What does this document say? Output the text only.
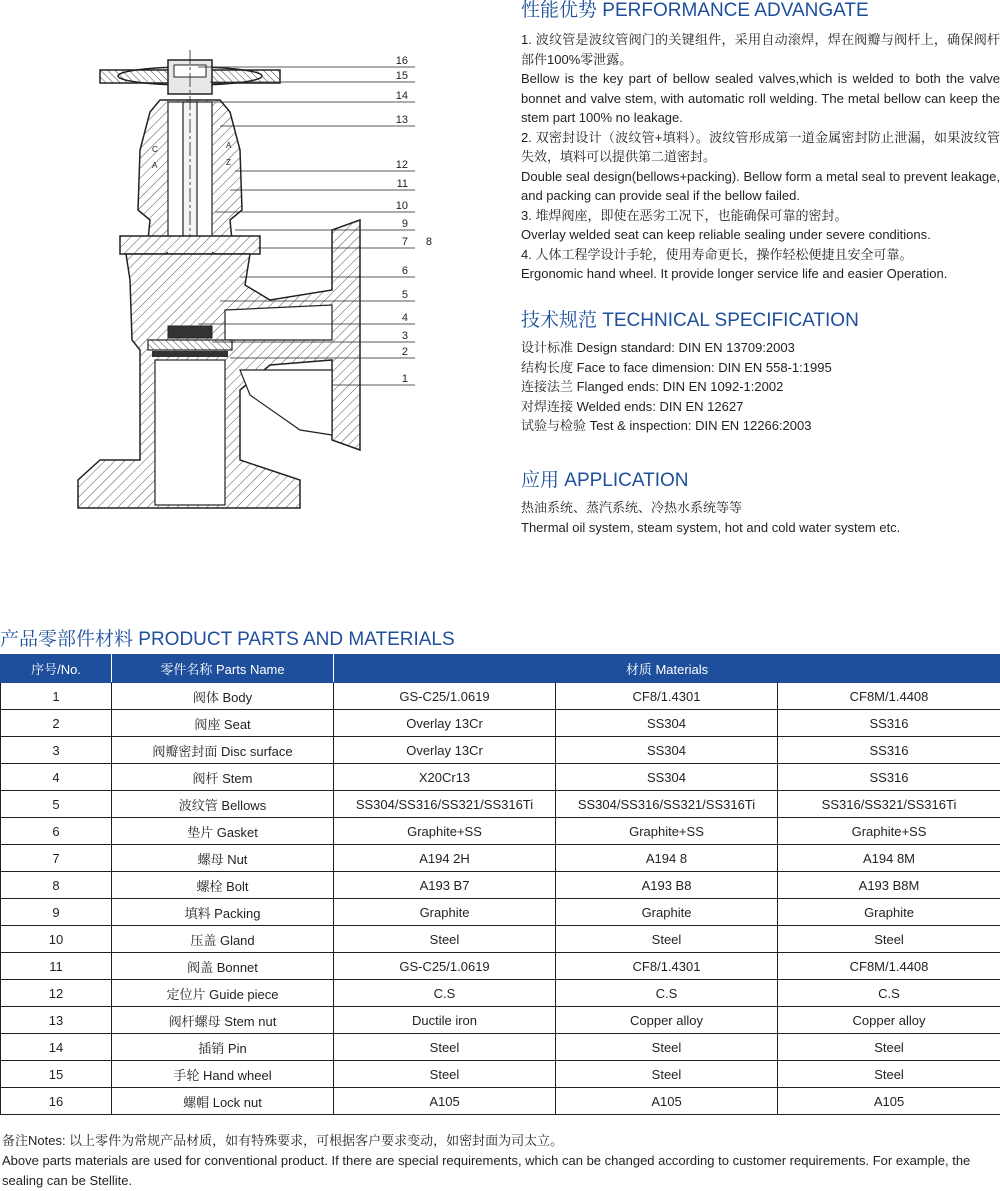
C	A
Z
A
16
15
14
13
12
11
10
9
7 8
6
5
4
3
2
1

性能优势 PERFORMANCE ADVANGATE

1. 波纹管是波纹管阀门的关键组件，采用自动滚焊，焊在阀瓣与阀杆上，确保阀杆部件100%零泄露。

Bellow is the key part of bellow sealed valves,which is welded to both the valve bonnet and valve stem, with automatic roll welding. The metal bellow can keep the stem part 100% no leakage.

2. 双密封设计（波纹管+填料）。波纹管形成第一道金属密封防止泄漏，如果波纹管失效，填料可以提供第二道密封。

Double seal design(bellows+packing). Bellow form a metal seal to prevent leakage, and packing can provide seal if the bellow failed.

3. 堆焊阀座，即使在恶劣工况下，也能确保可靠的密封。

Overlay welded seat can keep reliable sealing under severe conditions.

4. 人体工程学设计手轮，使用寿命更长，操作轻松便捷且安全可靠。

Ergonomic hand wheel. It provide longer service life and easier Operation.

技术规范 TECHNICAL SPECIFICATION

设计标准 Design standard: DIN EN 13709:2003

结构长度 Face to face dimension: DIN EN 558-1:1995

连接法兰 Flanged ends: DIN EN 1092-1:2002

对焊连接 Welded ends: DIN EN 12627

试验与检验 Test & inspection: DIN EN 12266:2003

应用 APPLICATION

热油系统、蒸汽系统、冷热水系统等等

Thermal oil system, steam system, hot and cold water system etc.

产品零部件材料 PRODUCT PARTS AND MATERIALS
序号/No.	零件名称 Parts Name	材质 Materials		
1	阀体 Body	GS-C25/1.0619	CF8/1.4301	CF8M/1.4408
2	阀座 Seat	Overlay 13Cr	SS304	SS316
3	阀瓣密封面 Disc surface	Overlay 13Cr	SS304	SS316
4	阀杆 Stem	X20Cr13	SS304	SS316
5	波纹管 Bellows	SS304/SS316/SS321/SS316Ti	SS304/SS316/SS321/SS316Ti	SS316/SS321/SS316Ti
6	垫片 Gasket	Graphite+SS	Graphite+SS	Graphite+SS
7	螺母 Nut	A194 2H	A194 8	A194 8M
8	螺栓 Bolt	A193 B7	A193 B8	A193 B8M
9	填料 Packing	Graphite	Graphite	Graphite
10	压盖 Gland	Steel	Steel	Steel
11	阀盖 Bonnet	GS-C25/1.0619	CF8/1.4301	CF8M/1.4408
12	定位片 Guide piece	C.S	C.S	C.S
13	阀杆螺母 Stem nut	Ductile iron	Copper alloy	Copper alloy
14	插销 Pin	Steel	Steel	Steel
15	手轮 Hand wheel	Steel	Steel	Steel
16	螺帽 Lock nut	A105	A105	A105

备注Notes: 以上零件为常规产品材质，如有特殊要求，可根据客户要求变动，如密封面为司太立。

Above parts materials are used for conventional product. If there are special requirements, which can be changed according to customer requirements. For example, the sealing can be Stellite.
